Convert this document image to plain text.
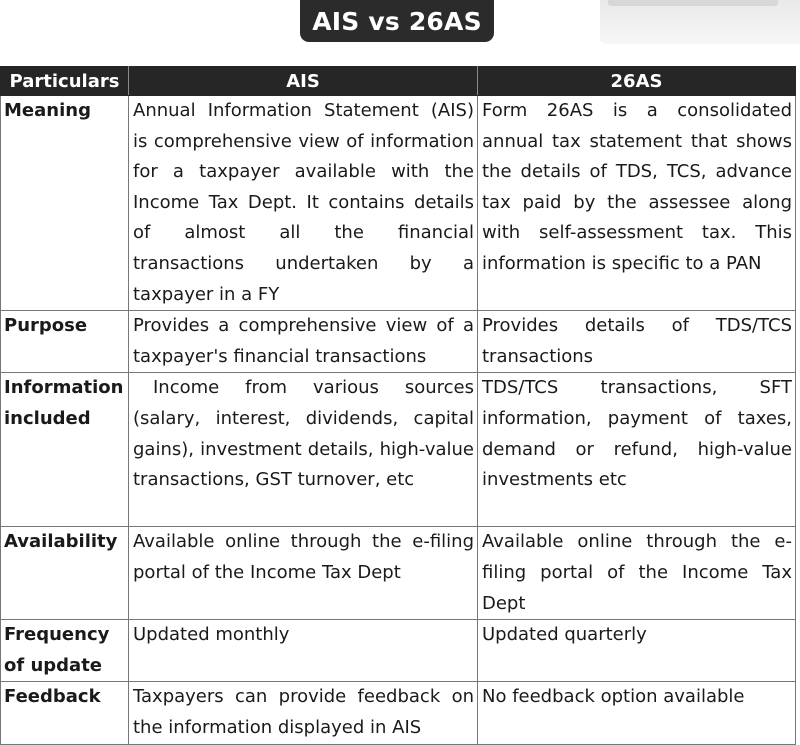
AIS vs 26AS
Particulars	AIS	26AS
Meaning	Annual Information Statement (AIS) is comprehensive view of information for a taxpayer available with the Income Tax Dept. It contains details of almost all the financial transactions undertaken by a taxpayer in a FY	Form 26AS is a consolidated annual tax statement that shows the details of TDS, TCS, advance tax paid by the assessee along with self-assessment tax. This information is specific to a PAN
Purpose	Provides a comprehensive view of a taxpayer's financial transactions	Provides details of TDS/TCS transactions
Information included	Income from various sources (salary, interest, dividends, capital gains), investment details, high-value transactions, GST turnover, etc	TDS/TCS transactions, SFT information, payment of taxes, demand or refund, high-value investments etc
Availability	Available online through the e-filing portal of the Income Tax Dept	Available online through the e-filing portal of the Income Tax Dept
Frequency of update	Updated monthly	Updated quarterly
Feedback	Taxpayers can provide feedback on the information displayed in AIS	No feedback option available
